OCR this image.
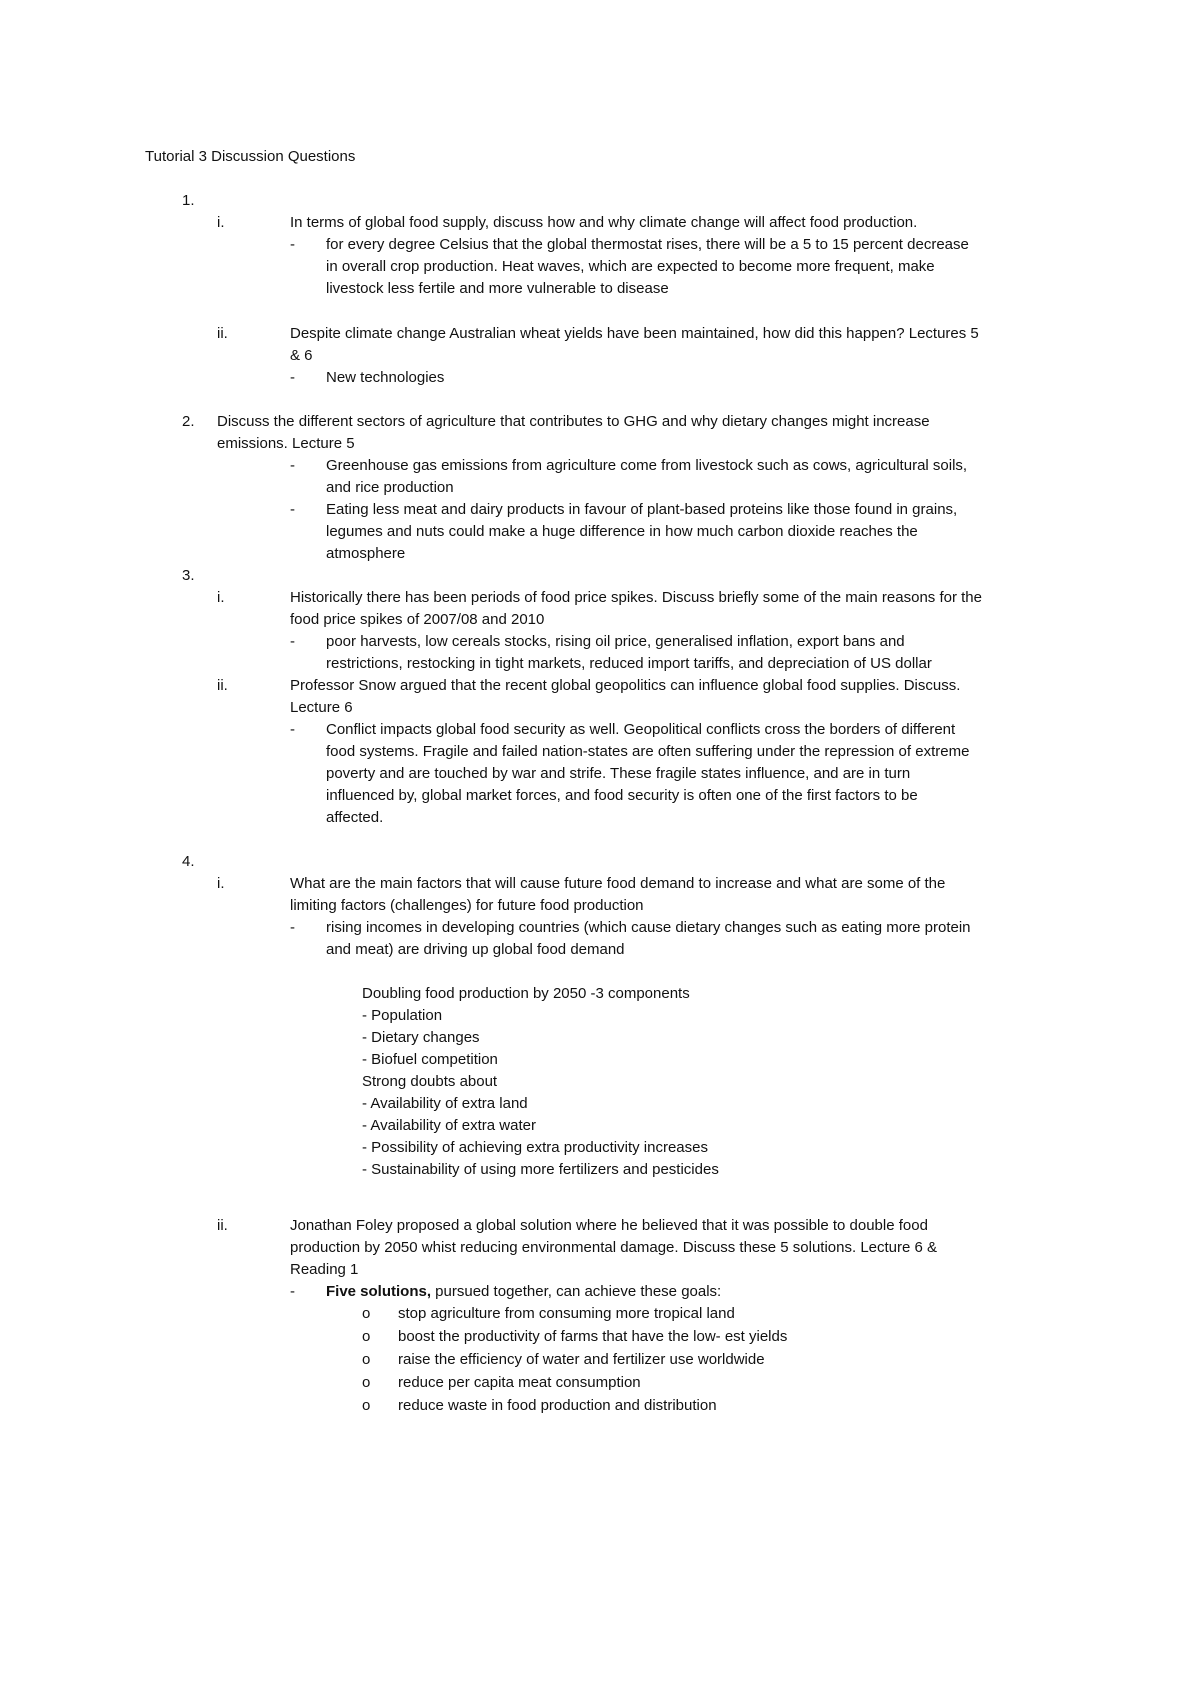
Tutorial 3 Discussion Questions
1.
i.	In terms of global food supply, discuss how and why climate change will affect food production.
- for every degree Celsius that the global thermostat rises, there will be a 5 to 15 percent decrease
in overall crop production. Heat waves, which are expected to become more frequent, make
livestock less fertile and more vulnerable to disease
ii.	Despite climate change Australian wheat yields have been maintained, how did this happen? Lectures 5
& 6
- New technologies
2. Discuss the different sectors of agriculture that contributes to GHG and why dietary changes might increase
emissions. Lecture 5
- Greenhouse gas emissions from agriculture come from livestock such as cows, agricultural soils,
and rice production
- Eating less meat and dairy products in favour of plant-based proteins like those found in grains,
legumes and nuts could make a huge difference in how much carbon dioxide reaches the
atmosphere
3.
i.	Historically there has been periods of food price spikes. Discuss briefly some of the main reasons for the
food price spikes of 2007/08 and 2010
- poor harvests, low cereals stocks, rising oil price, generalised inflation, export bans and
restrictions, restocking in tight markets, reduced import tariffs, and depreciation of US dollar
ii.	Professor Snow argued that the recent global geopolitics can influence global food supplies. Discuss.
Lecture 6
- Conflict impacts global food security as well. Geopolitical conflicts cross the borders of different
food systems. Fragile and failed nation-states are often suffering under the repression of extreme
poverty and are touched by war and strife. These fragile states influence, and are in turn
influenced by, global market forces, and food security is often one of the first factors to be
affected.
4.
i.	What are the main factors that will cause future food demand to increase and what are some of the
limiting factors (challenges) for future food production
- rising incomes in developing countries (which cause dietary changes such as eating more protein
and meat) are driving up global food demand
Doubling food production by 2050 -3 components
- Population
- Dietary changes
- Biofuel competition
Strong doubts about
- Availability of extra land
- Availability of extra water
- Possibility of achieving extra productivity increases
- Sustainability of using more fertilizers and pesticides
ii.	Jonathan Foley proposed a global solution where he believed that it was possible to double food
production by 2050 whist reducing environmental damage. Discuss these 5 solutions. Lecture 6 &
Reading 1
- Five solutions, pursued together, can achieve these goals:
o stop agriculture from consuming more tropical land
o boost the productivity of farms that have the low- est yields
o raise the efficiency of water and fertilizer use worldwide
o reduce per capita meat consumption
o reduce waste in food production and distribution
